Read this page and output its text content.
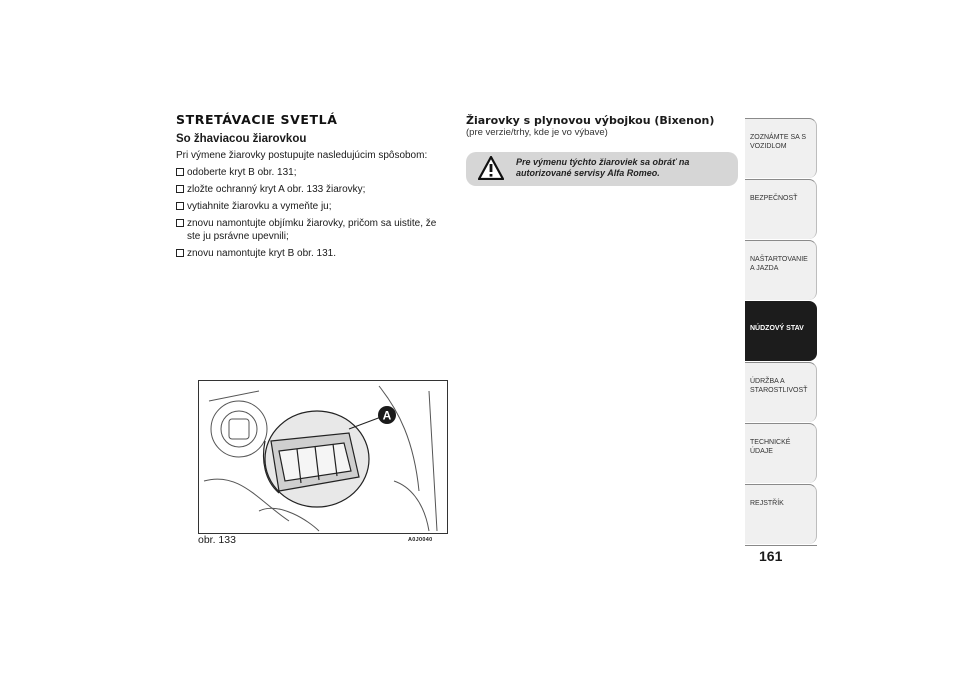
STRETÁVACIE SVETLÁ
So žhaviacou žiarovkou

Pri výmene žiarovky postupujte nasledujúcim spôsobom:

odoberte kryt B obr. 131;
zložte ochranný kryt A obr. 133 žiarovky;
vytiahnite žiarovku a vymeňte ju;
znovu namontujte objímku žiarovky, pričom sa uistite, že ste ju psrávne upevnili;
znovu namontujte kryt B obr. 131.
A
obr. 133	A0J0040
Žiarovky s plynovou výbojkou (Bixenon)

(pre verzie/trhy, kde je vo výbave)

Pre výmenu týchto žiaroviek sa obráť na autorizované servisy Alfa Romeo.
ZOZNÁMTE SA S VOZIDLOM
BEZPEČNOSŤ
NAŠTARTOVANIE A JAZDA
NÚDZOVÝ STAV
ÚDRŽBA A STAROSTLIVOSŤ
TECHNICKÉ ÚDAJE
REJSTŘÍK
161
